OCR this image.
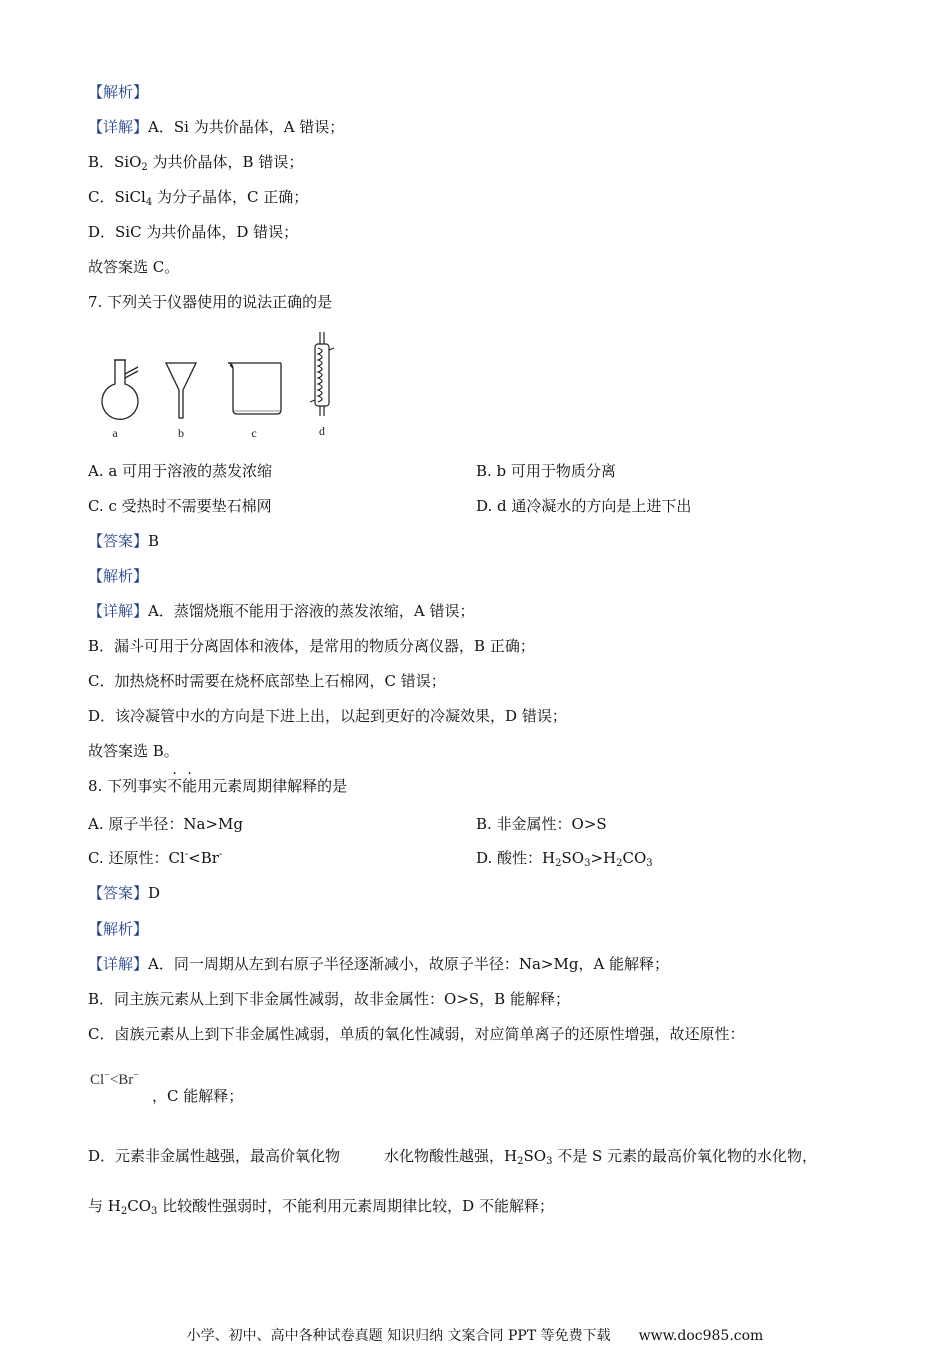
【解析】
【详解】A．Si 为共价晶体，A 错误；
B．SiO$_2$ 为共价晶体，B 错误；
C．SiCl$_4$ 为分子晶体，C 正确；
D．SiC 为共价晶体，D 错误；
故答案选 C。
7. 下列关于仪器使用的说法正确的是
a	b	c	d
A. a 可用于溶液的蒸发浓缩	B. b 可用于物质分离
C. c 受热时不需要垫石棉网	D. d 通冷凝水的方向是上进下出
【答案】B
【解析】
【详解】A．蒸馏烧瓶不能用于溶液的蒸发浓缩，A 错误；
B．漏斗可用于分离固体和液体，是常用的物质分离仪器，B 正确；
C．加热烧杯时需要在烧杯底部垫上石棉网，C 错误；
D．该冷凝管中水的方向是下进上出，以起到更好的冷凝效果，D 错误；
故答案选 B。
8. 下列事实不能用元素周期律解释的是
A. 原子半径：Na>Mg	B. 非金属性：O>S
C. 还原性：Cl-<Br-	D. 酸性：$H_2SO_3>H_2CO_3$
【答案】D
【解析】
【详解】A．同一周期从左到右原子半径逐渐减小，故原子半径：Na>Mg，A 能解释；
B．同主族元素从上到下非金属性减弱，故非金属性：O>S，B 能解释；
C．卤族元素从上到下非金属性减弱，单质的氧化性减弱，对应简单离子的还原性增强，故还原性：
Cl−<Br−
，C 能解释；
D．元素非金属性越强，最高价氧化物	水化物酸性越强，$H_2SO_3$ 不是 S 元素的最高价氧化物的水化物，
与 $H_2CO_3$ 比较酸性强弱时，不能利用元素周期律比较，D 不能解释；
小学、初中、高中各种试卷真题 知识归纳 文案合同 PPT 等免费下载　　www.doc985.com
